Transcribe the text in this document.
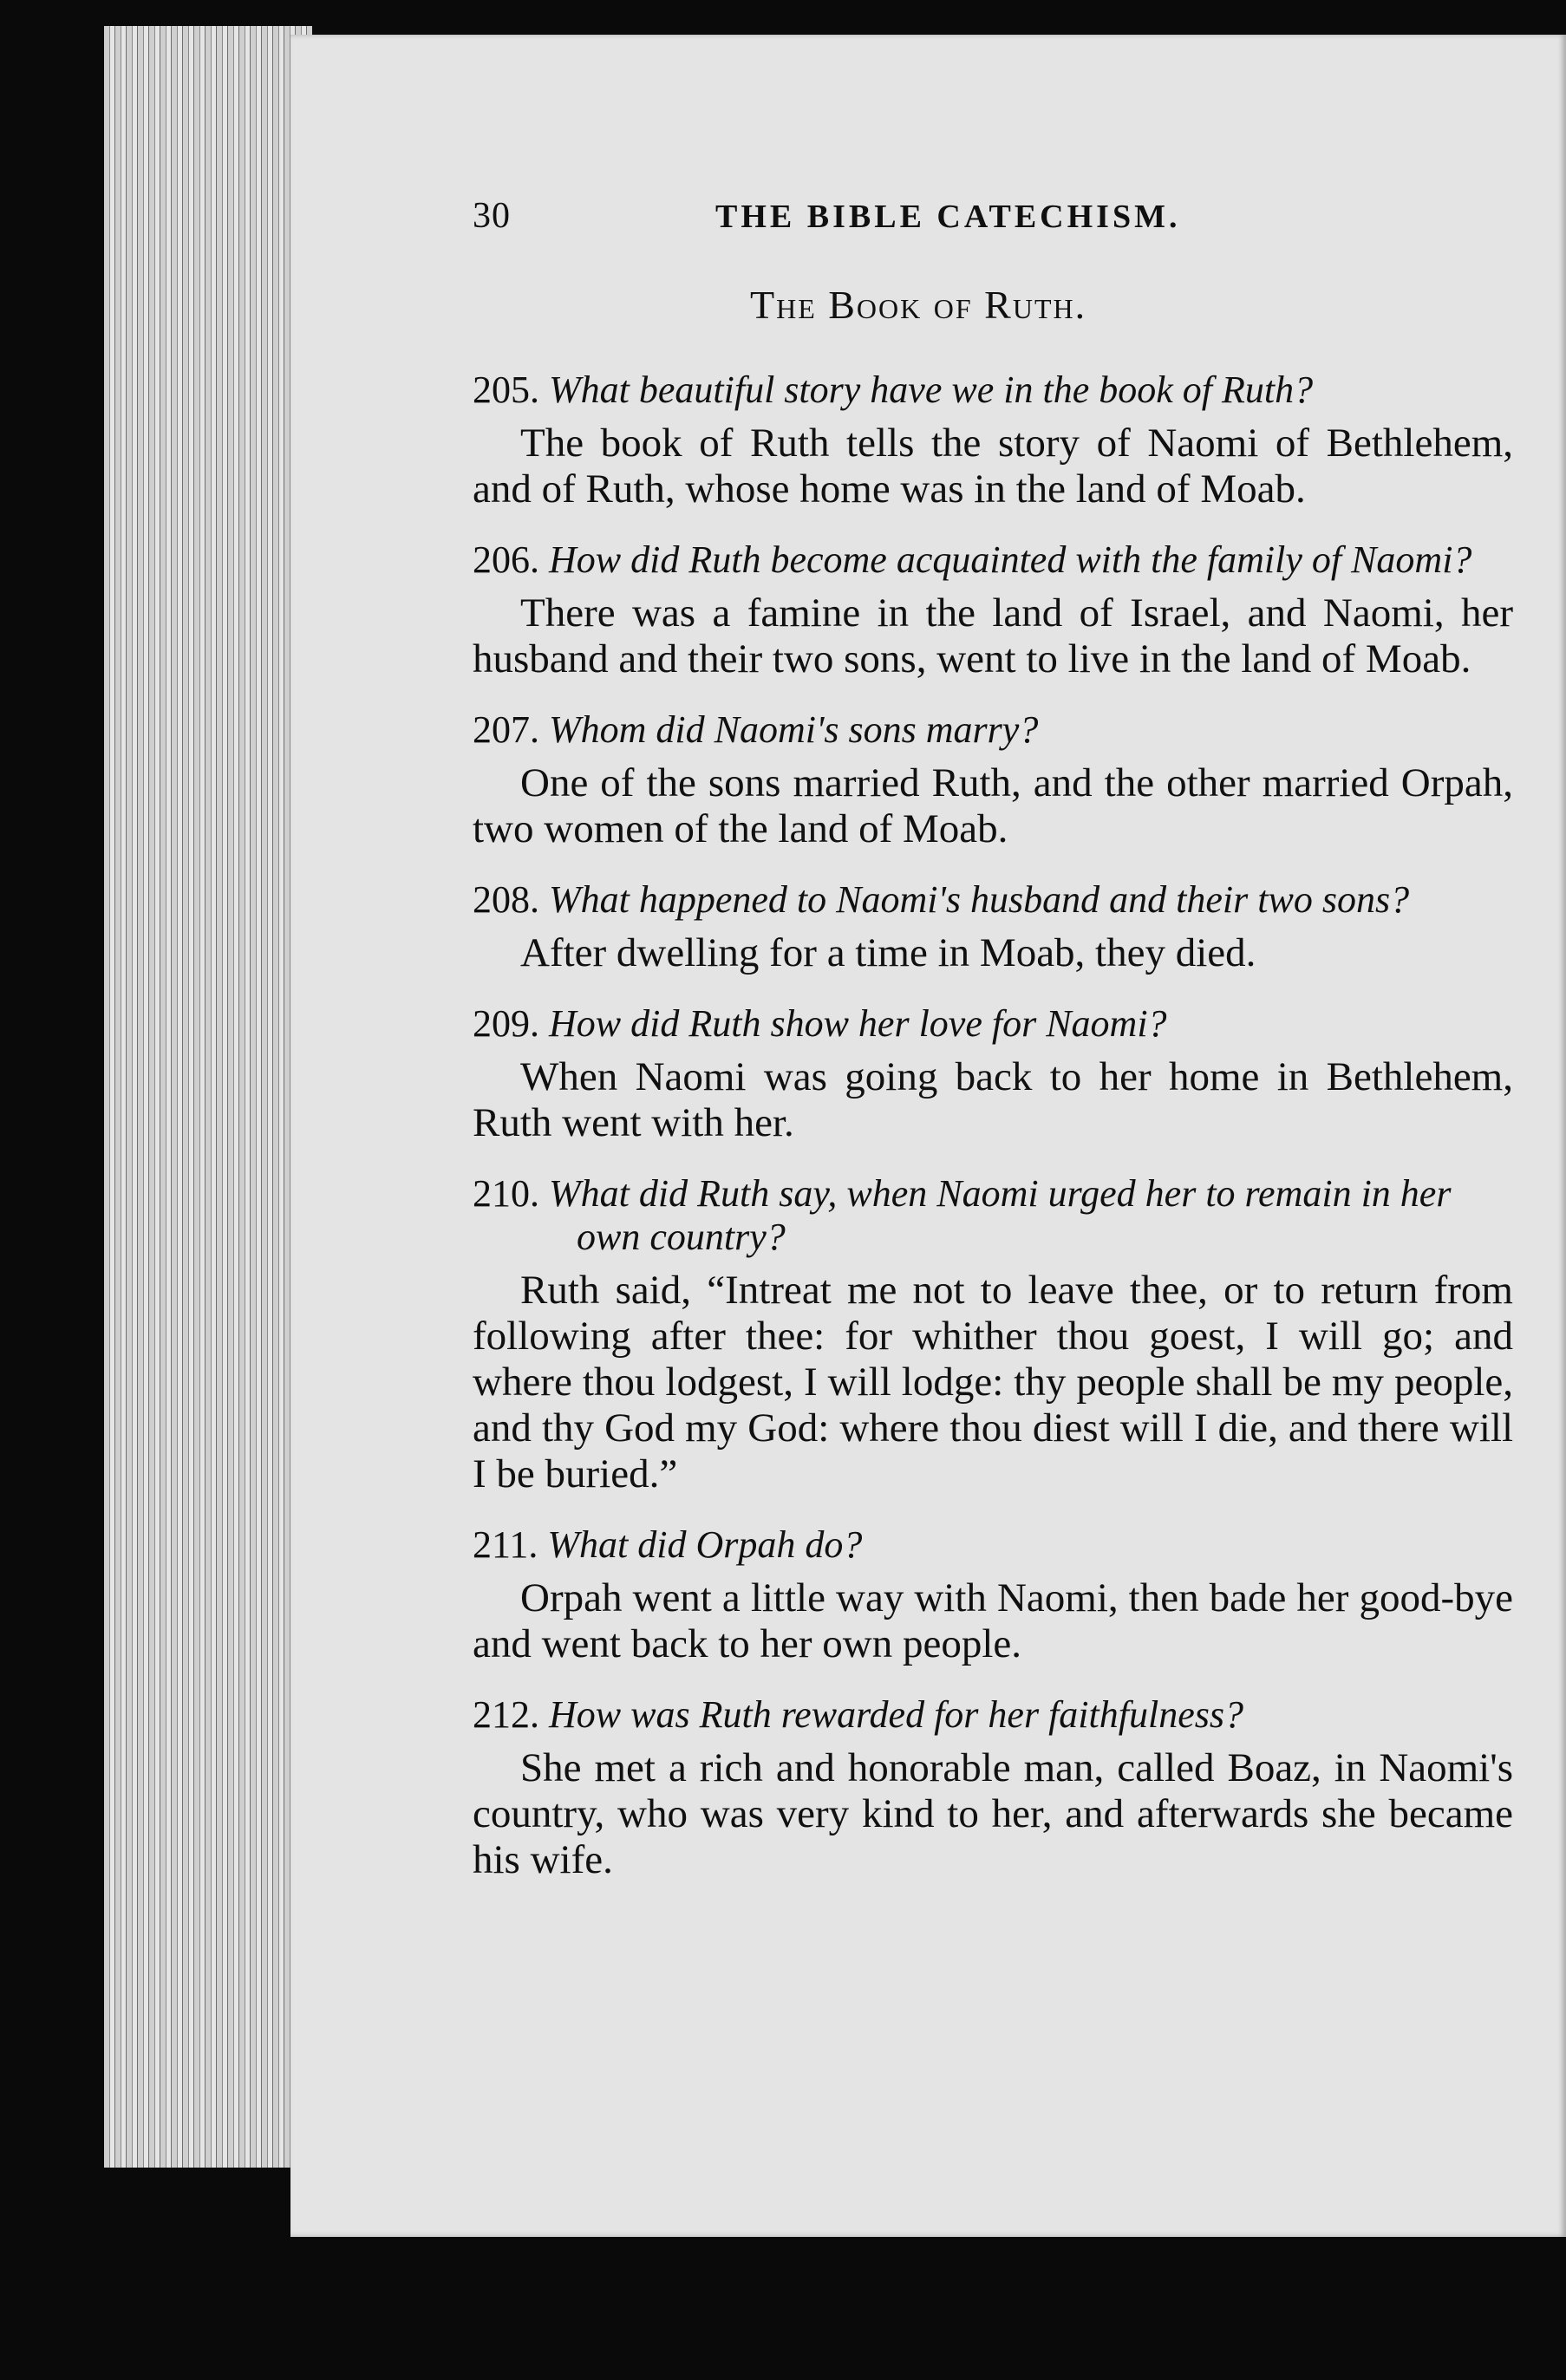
30	THE BIBLE CATECHISM.
The Book of Ruth.
205. What beautiful story have we in the book of Ruth?
The book of Ruth tells the story of Naomi of Bethlehem, and of Ruth, whose home was in the land of Moab.
206. How did Ruth become acquainted with the family of Naomi?
There was a famine in the land of Israel, and Naomi, her husband and their two sons, went to live in the land of Moab.
207. Whom did Naomi's sons marry?
One of the sons married Ruth, and the other married Orpah, two women of the land of Moab.
208. What happened to Naomi's husband and their two sons?
After dwelling for a time in Moab, they died.
209. How did Ruth show her love for Naomi?
When Naomi was going back to her home in Bethlehem, Ruth went with her.
210. What did Ruth say, when Naomi urged her to remain in her own country?
Ruth said, “Intreat me not to leave thee, or to return from following after thee: for whither thou goest, I will go; and where thou lodgest, I will lodge: thy people shall be my people, and thy God my God: where thou diest will I die, and there will I be buried.”
211. What did Orpah do?
Orpah went a little way with Naomi, then bade her good-bye and went back to her own people.
212. How was Ruth rewarded for her faithfulness?
She met a rich and honorable man, called Boaz, in Naomi's country, who was very kind to her, and afterwards she became his wife.
